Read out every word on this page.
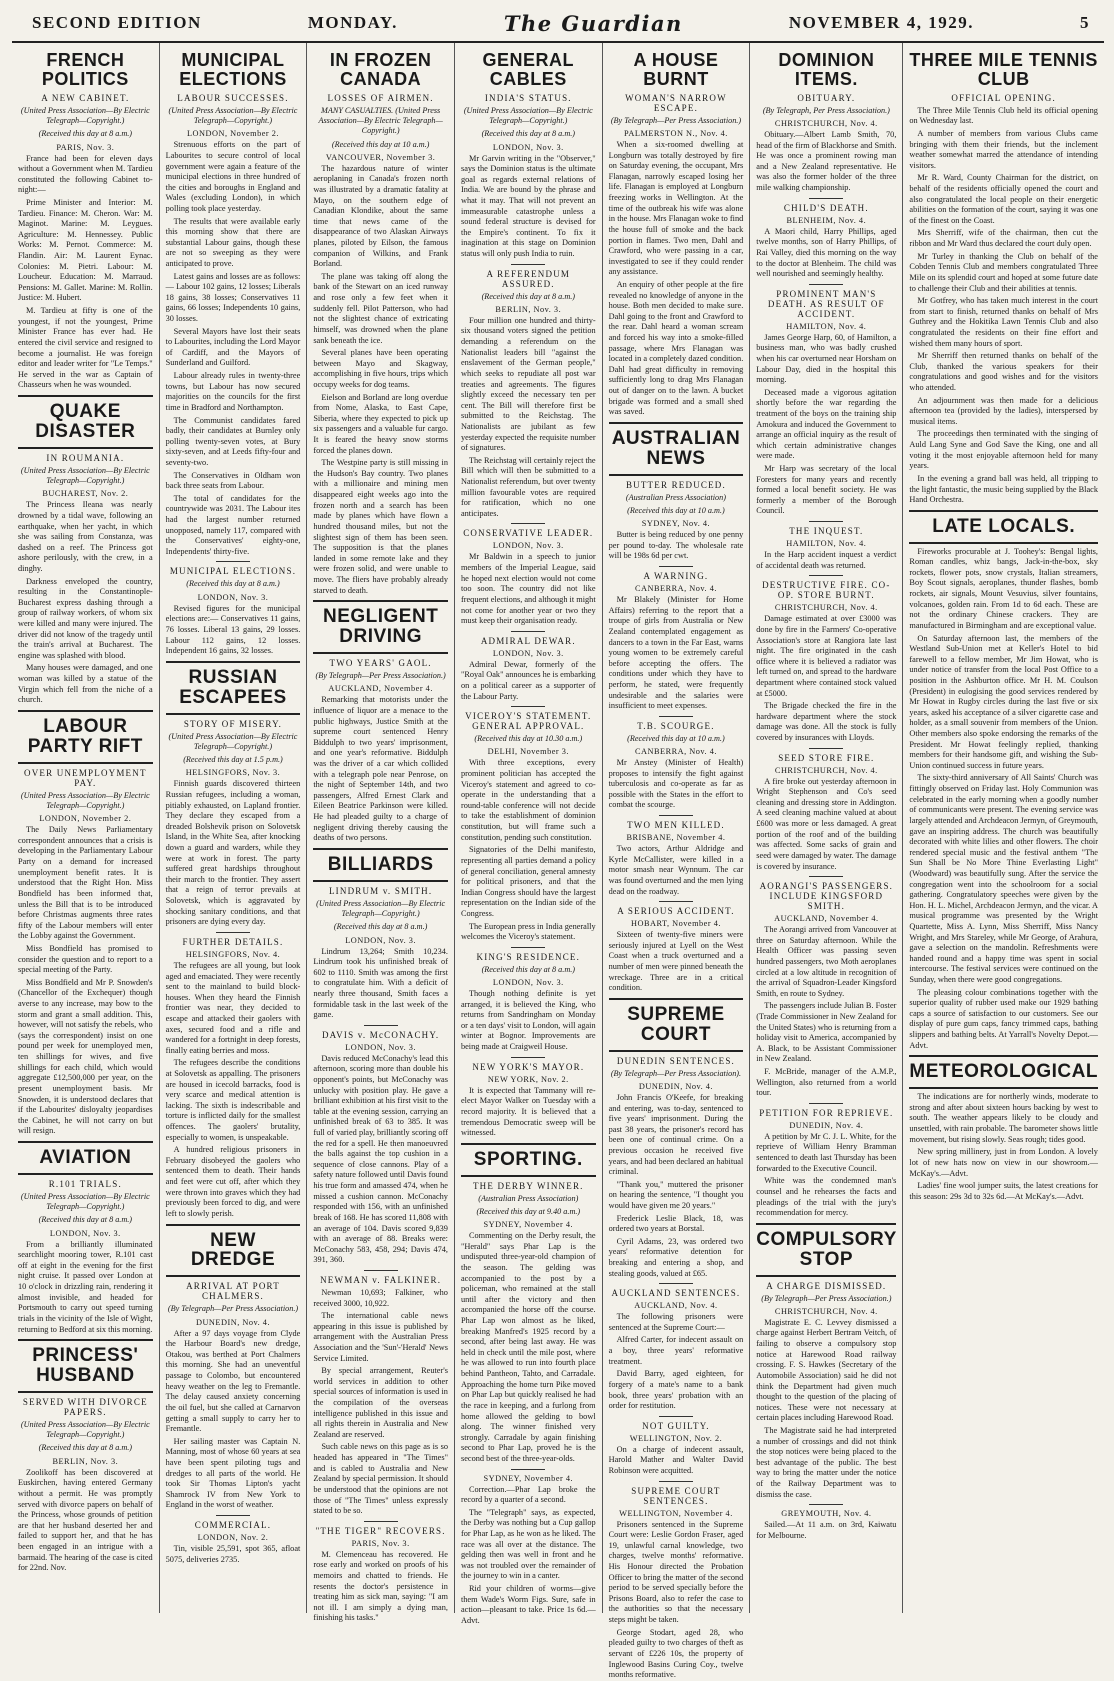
SECOND EDITION	MONDAY.	The Guardian	NOVEMBER 4, 1929.	5
FRENCH POLITICS
A NEW CABINET.
(United Press Association—By Electric Telegraph—Copyright.)
(Received this day at 8 a.m.)
PARIS, Nov. 3.

France had been for eleven days without a Government when M. Tardieu constituted the following Cabinet to-night:—

Prime Minister and Interior: M. Tardieu. Finance: M. Cheron. War: M. Maginot. Marine: M. Leygues. Agriculture: M. Hennessey. Public Works: M. Pernot. Commerce: M. Flandin. Air: M. Laurent Eynac. Colonies: M. Pietri. Labour: M. Loucheur. Education: M. Marraud. Pensions: M. Gallet. Marine: M. Rollin. Justice: M. Hubert.

M. Tardieu at fifty is one of the youngest, if not the youngest, Prime Minister France has ever had. He entered the civil service and resigned to become a journalist. He was foreign editor and leader writer for "Le Temps." He served in the war as Captain of Chasseurs when he was wounded.

QUAKE DISASTER
IN ROUMANIA.
(United Press Association—By Electric Telegraph—Copyright.)
BUCHAREST, Nov. 2.

The Princess Ileana was nearly drowned by a tidal wave, following an earthquake, when her yacht, in which she was sailing from Constanza, was dashed on a reef. The Princess got ashore perilously, with the crew, in a dinghy.

Darkness enveloped the country, resulting in the Constantinople-Bucharest express dashing through a group of railway workers, of whom six were killed and many were injured. The driver did not know of the tragedy until the train's arrival at Bucharest. The engine was splashed with blood.

Many houses were damaged, and one woman was killed by a statue of the Virgin which fell from the niche of a church.

LABOUR PARTY RIFT
OVER UNEMPLOYMENT PAY.
(United Press Association—By Electric Telegraph—Copyright.)
LONDON, November 2.

The Daily News Parliamentary correspondent announces that a crisis is developing in the Parliamentary Labour Party on a demand for increased unemployment benefit rates. It is understood that the Right Hon. Miss Bondfield has been informed that, unless the Bill that is to be introduced before Christmas augments three rates fifty of the Labour members will enter the Lobby against the Government.

Miss Bondfield has promised to consider the question and to report to a special meeting of the Party.

Miss Bondfield and Mr P. Snowden's (Chancellor of the Exchequer) though averse to any increase, may bow to the storm and grant a small addition. This, however, will not satisfy the rebels, who (says the correspondent) insist on one pound per week for unemployed men, ten shillings for wives, and five shillings for each child, which would aggregate £12,500,000 per year, on the present unemployment basis. Mr Snowden, it is understood declares that if the Labourites' disloyalty jeopardises the Cabinet, he will not carry on but will resign.

AVIATION
R.101 TRIALS.
(United Press Association—By Electric Telegraph—Copyright.)
(Received this day at 8 a.m.)
LONDON, Nov. 3.

From a brilliantly illuminated searchlight mooring tower, R.101 cast off at eight in the evening for the first night cruise. It passed over London at 10 o'clock in drizzling rain, rendering it almost invisible, and headed for Portsmouth to carry out speed turning trials in the vicinity of the Isle of Wight, returning to Bedford at six this morning.

PRINCESS' HUSBAND
SERVED WITH DIVORCE PAPERS.
(United Press Association—By Electric Telegraph—Copyright.)
(Received this day at 8 a.m.)
BERLIN, Nov. 3.

Zoolikoff has been discovered at Euskirchen, having entered Germany without a permit. He was promptly served with divorce papers on behalf of the Princess, whose grounds of petition are that her husband deserted her and failed to support her, and that he has been engaged in an intrigue with a barmaid. The hearing of the case is cited for 22nd. Nov.

MUNICIPAL ELECTIONS
LABOUR SUCCESSES.
(United Press Association—By Electric Telegraph—Copyright.)
LONDON, November 2.

Strenuous efforts on the part of Labourites to secure control of local government were again a feature of the municipal elections in three hundred of the cities and boroughs in England and Wales (excluding London), in which polling took place yesterday.

The results that were available early this morning show that there are substantial Labour gains, though these are not so sweeping as they were anticipated to prove.

Latest gains and losses are as follows:— Labour 102 gains, 12 losses; Liberals 18 gains, 38 losses; Conservatives 11 gains, 66 losses; Independents 10 gains, 30 losses.

Several Mayors have lost their seats to Labourites, including the Lord Mayor of Cardiff, and the Mayors of Sunderland and Guilford.

Labour already rules in twenty-three towns, but Labour has now secured majorities on the councils for the first time in Bradford and Northampton.

The Communist candidates fared badly, their candidates at Burnley only polling twenty-seven votes, at Bury sixty-seven, and at Leeds fifty-four and seventy-two.

The Conservatives in Oldham won back three seats from Labour.

The total of candidates for the countrywide was 2031. The Labour ites had the largest number returned unopposed, namely 117, compared with the Conservatives' eighty-one, Independents' thirty-five.

MUNICIPAL ELECTIONS.
(Received this day at 8 a.m.)
LONDON, Nov. 3.

Revised figures for the municipal elections are:— Conservatives 11 gains, 76 losses. Liberal 13 gains, 29 losses. Labour 112 gains, 12 losses. Independent 16 gains, 32 losses.

RUSSIAN ESCAPEES
STORY OF MISERY.
(United Press Association—By Electric Telegraph—Copyright.)
(Received this day at 1.5 p.m.)
HELSINGFORS, Nov. 3.

Finnish guards discovered thirteen Russian refugees, including a woman, pitiably exhausted, on Lapland frontier. They declare they escaped from a dreaded Bolshevik prison on Solovetsk Island, in the White Sea, after knocking down a guard and warders, while they were at work in forest. The party suffered great hardships throughout their march to the frontier. They assert that a reign of terror prevails at Solovetsk, which is aggravated by shocking sanitary conditions, and that prisoners are dying every day.

FURTHER DETAILS.
HELSINGFORS, Nov. 4.

The refugees are all young, but look aged and emaciated. They were recently sent to the mainland to build block-houses. When they heard the Finnish frontier was near, they decided to escape and attacked their gaolers with axes, secured food and a rifle and wandered for a fortnight in deep forests, finally eating berries and moss.

The refugees describe the conditions at Solovetsk as appalling. The prisoners are housed in icecold barracks, food is very scarce and medical attention is lacking. The sixth is indescribable and torture is inflicted daily for the smallest offences. The gaolers' brutality, especially to women, is unspeakable.

A hundred religious prisoners in February disobeyed the gaolers who sentenced them to death. Their hands and feet were cut off, after which they were thrown into graves which they had previously been forced to dig, and were left to slowly perish.

NEW DREDGE
ARRIVAL AT PORT CHALMERS.
(By Telegraph—Per Press Association.)
DUNEDIN, Nov. 4.

After a 97 days voyage from Clyde the Harbour Board's new dredge, Otakou, was berthed at Port Chalmers this morning. She had an uneventful passage to Colombo, but encountered heavy weather on the leg to Fremantle. The delay caused anxiety concerning the oil fuel, but she called at Carnarvon getting a small supply to carry her to Fremantle.

Her sailing master was Captain N. Manning, most of whose 60 years at sea have been spent piloting tugs and dredges to all parts of the world. He took Sir Thomas Lipton's yacht Shamrock IV from New York to England in the worst of weather.

COMMERCIAL.
LONDON, Nov. 2.

Tin, visible 25,591, spot 365, afloat 5075, deliveries 2735.

IN FROZEN CANADA
LOSSES OF AIRMEN.
MANY CASUALTIES. (United Press Association—By Electric Telegraph—Copyright.)
(Received this day at 10 a.m.)
VANCOUVER, November 3.

The hazardous nature of winter aeroplaning in Canada's frozen north was illustrated by a dramatic fatality at Mayo, on the southern edge of Canadian Klondike, about the same time that news came of the disappearance of two Alaskan Airways planes, piloted by Eilson, the famous companion of Wilkins, and Frank Borland.

The plane was taking off along the bank of the Stewart on an iced runway and rose only a few feet when it suddenly fell. Pilot Patterson, who had not the slightest chance of extricating himself, was drowned when the plane sank beneath the ice.

Several planes have been operating between Mayo and Skagway, accomplishing in five hours, trips which occupy weeks for dog teams.

Eielson and Borland are long overdue from Nome, Alaska, to East Cape, Siberia, where they expected to pick up six passengers and a valuable fur cargo. It is feared the heavy snow storms forced the planes down.

The Westpine party is still missing in the Hudson's Bay country. Two planes with a millionaire and mining men disappeared eight weeks ago into the frozen north and a search has been made by planes which have flown a hundred thousand miles, but not the slightest sign of them has been seen. The supposition is that the planes landed in some remote lake and they were frozen solid, and were unable to move. The fliers have probably already starved to death.

NEGLIGENT DRIVING
TWO YEARS' GAOL.
(By Telegraph—Per Press Association.)
AUCKLAND, November 4.

Remarking that motorists under the influence of liquor are a menace to the public highways, Justice Smith at the supreme court sentenced Henry Biddulph to two years' imprisonment, and one year's reformative. Biddulph was the driver of a car which collided with a telegraph pole near Penrose, on the night of September 14th, and two passengers, Alfred Ernest Clark and Eileen Beatrice Parkinson were killed. He had pleaded guilty to a charge of negligent driving thereby causing the deaths of two persons.

BILLIARDS
LINDRUM v. SMITH.
(United Press Association—By Electric Telegraph—Copyright.)
(Received this day at 8 a.m.)
LONDON, Nov. 3.

Lindrum 13,264; Smith 10,234. Lindrum took his unfinished break of 602 to 1110. Smith was among the first to congratulate him. With a deficit of nearly three thousand, Smith faces a formidable task in the last week of the game.

DAVIS v. McCONACHY.
LONDON, Nov. 3.

Davis reduced McConachy's lead this afternoon, scoring more than double his opponent's points, but McConachy was unlucky with position play. He gave a brilliant exhibition at his first visit to the table at the evening session, carrying an unfinished break of 63 to 385. It was full of varied play, brilliantly scoring off the red for a spell. He then manoeuvred the balls against the top cushion in a sequence of close cannons. Play of a safety nature followed until Davis found his true form and amassed 474, when he missed a cushion cannon. McConachy responded with 156, with an unfinished break of 168. He has scored 11,808 with an average of 104. Davis scored 9,839 with an average of 88. Breaks were: McConachy 583, 458, 294; Davis 474, 391, 360.

NEWMAN v. FALKINER.

Newman 10,693; Falkiner, who received 3000, 10,922.

The international cable news appearing in this issue is published by arrangement with the Australian Press Association and the 'Sun'-'Herald' News Service Limited.

By special arrangement, Reuter's world services in addition to other special sources of information is used in the compilation of the overseas intelligence published in this issue and all rights therein in Australia and New Zealand are reserved.

Such cable news on this page as is so headed has appeared in "The Times" and is cabled to Australia and New Zealand by special permission. It should be understood that the opinions are not those of "The Times" unless expressly stated to be so.

"THE TIGER" RECOVERS.
PARIS, Nov. 3.

M. Clemenceau has recovered. He rose early and worked on proofs of his memoirs and chatted to friends. He resents the doctor's persistence in treating him as sick man, saying: "I am not ill. I am simply a dying man, finishing his tasks."

GENERAL CABLES
INDIA'S STATUS.
(United Press Association—By Electric Telegraph—Copyright.)
(Received this day at 8 a.m.)
LONDON, Nov. 3.

Mr Garvin writing in the "Observer," says the Dominion status is the ultimate goal as regards external relations of India. We are bound by the phrase and what it may. That will not prevent an immeasurable catastrophe unless a sound federal structure is devised for the Empire's continent. To fix it inagination at this stage on Dominion status will only push India to ruin.

A REFERENDUM ASSURED.
(Received this day at 8 a.m.)
BERLIN, Nov. 3.

Four million one hundred and thirty-six thousand voters signed the petition demanding a referendum on the Nationalist leaders bill "against the enslavement of the German people," which seeks to repudiate all post war treaties and agreements. The figures slightly exceed the necessary ten per cent. The Bill will therefore first be submitted to the Reichstag. The Nationalists are jubilant as few yesterday expected the requisite number of signatures.

The Reichstag will certainly reject the Bill which will then be submitted to a Nationalist referendum, but over twenty million favourable votes are required for ratification, which no one anticipates.

CONSERVATIVE LEADER.
LONDON, Nov. 3.

Mr Baldwin in a speech to junior members of the Imperial League, said he hoped next election would not come too soon. The country did not like frequent elections, and although it might not come for another year or two they must keep their organisation ready.

ADMIRAL DEWAR.
LONDON, Nov. 3.

Admiral Dewar, formerly of the "Royal Oak" announces he is embarking on a political career as a supporter of the Labour Party.

VICEROY'S STATEMENT. GENERAL APPROVAL.
(Received this day at 10.30 a.m.)
DELHI, November 3.

With three exceptions, every prominent politician has accepted the Viceroy's statement and agreed to co-operate in the understanding that a round-table conference will not decide to take the establishment of dominion constitution, but will frame such a constitution, pending such constitution.

Signatories of the Delhi manifesto, representing all parties demand a policy of general conciliation, general amnesty for political prisoners, and that the Indian Congress should have the largest representation on the Indian side of the Congress.

The European press in India generally welcomes the Viceroy's statement.

KING'S RESIDENCE.
(Received this day at 8 a.m.)
LONDON, Nov. 3.

Though nothing definite is yet arranged, it is believed the King, who returns from Sandringham on Monday or a ten days' visit to London, will again winter at Bognor. Improvements are being made at Craigweil House.

NEW YORK'S MAYOR.
NEW YORK, Nov. 2.

It is expected that Tammany will re-elect Mayor Walker on Tuesday with a record majority. It is believed that a tremendous Democratic sweep will be witnessed.

SPORTING.
THE DERBY WINNER.
(Australian Press Association)
(Received this day at 9.40 a.m.)
SYDNEY, November 4.

Commenting on the Derby result, the "Herald" says Phar Lap is the undisputed three-year-old champion of the season. The gelding was accompanied to the post by a policeman, who remained at the stall until after the victory and then accompanied the horse off the course. Phar Lap won almost as he liked, breaking Manfred's 1925 record by a second, after being last away. He was held in check until the mile post, where he was allowed to run into fourth place behind Pantheon, Tahto, and Carradale. Approaching the home turn Pike moved on Phar Lap but quickly realised he had the race in keeping, and a furlong from home allowed the gelding to bowl along. The winner finished very strongly. Carradale by again finishing second to Phar Lap, proved he is the second best of the three-year-olds.

SYDNEY, November 4.

Correction.—Phar Lap broke the record by a quarter of a second.

The "Telegraph" says, as expected, the Derby was nothing but a Cup gallop for Phar Lap, as he won as he liked. The race was all over at the distance. The gelding then was well in front and he was not troubled over the remainder of the journey to win in a canter.

Rid your children of worms—give them Wade's Worm Figs. Sure, safe in action—pleasant to take. Price 1s 6d.—Advt.

A HOUSE BURNT
WOMAN'S NARROW ESCAPE.
(By Telegraph—Per Press Association.)
PALMERSTON N., Nov. 4.

When a six-roomed dwelling at Longburn was totally destroyed by fire on Saturday evening, the occupant, Mrs Flanagan, narrowly escaped losing her life. Flanagan is employed at Longburn freezing works in Wellington. At the time of the outbreak his wife was alone in the house. Mrs Flanagan woke to find the house full of smoke and the back portion in flames. Two men, Dahl and Crawford, who were passing in a car, investigated to see if they could render any assistance.

An enquiry of other people at the fire revealed no knowledge of anyone in the house. Both men decided to make sure. Dahl going to the front and Crawford to the rear. Dahl heard a woman scream and forced his way into a smoke-filled passage, where Mrs Flanagan was located in a completely dazed condition. Dahl had great difficulty in removing sufficiently long to drag Mrs Flanagan out of danger on to the lawn. A bucket brigade was formed and a small shed was saved.

AUSTRALIAN NEWS
BUTTER REDUCED.
(Australian Press Association)
(Received this day at 10 a.m.)
SYDNEY, Nov. 4.

Butter is being reduced by one penny per pound to-day. The wholesale rate will be 198s 6d per cwt.

A WARNING.
CANBERRA, Nov. 4.

Mr Blakely (Minister for Home Affairs) referring to the report that a troupe of girls from Australia or New Zealand contemplated engagement as dancers to a town in the Far East, warns young women to be extremely careful before accepting the offers. The conditions under which they have to perform, he stated, were frequently undesirable and the salaries were insufficient to meet expenses.

T.B. SCOURGE.
(Received this day at 10 a.m.)
CANBERRA, Nov. 4.

Mr Anstey (Minister of Health) proposes to intensify the fight against tuberculosis and co-operate as far as possible with the States in the effort to combat the scourge.

TWO MEN KILLED.
BRISBANE, November 4.

Two actors, Arthur Aldridge and Kyrle McCallister, were killed in a motor smash near Wynnum. The car was found overturned and the men lying dead on the roadway.

A SERIOUS ACCIDENT.
HOBART, November 4.

Sixteen of twenty-five miners were seriously injured at Lyell on the West Coast when a truck overturned and a number of men were pinned beneath the wreckage. Three are in a critical condition.

SUPREME COURT
DUNEDIN SENTENCES.
(By Telegraph—Per Press Association).
DUNEDIN, Nov. 4.

John Francis O'Keefe, for breaking and entering, was to-day, sentenced to five years' imprisonment. During the past 38 years, the prisoner's record has been one of continual crime. On a previous occasion he received five years, and had been declared an habitual criminal.

"Thank you," muttered the prisoner on hearing the sentence, "I thought you would have given me 20 years."

Frederick Leslie Black, 18, was ordered two years at Borstal.

Cyril Adams, 23, was ordered two years' reformative detention for breaking and entering a shop, and stealing goods, valued at £65.

AUCKLAND SENTENCES.
AUCKLAND, Nov. 4.

The following prisoners were sentenced at the Supreme Court:—

Alfred Carter, for indecent assault on a boy, three years' reformative treatment.

David Barry, aged eighteen, for forgery of a mate's name to a bank book, three years' probation with an order for restitution.

NOT GUILTY.
WELLINGTON, Nov. 2.

On a charge of indecent assault, Harold Mather and Walter David Robinson were acquitted.

SUPREME COURT SENTENCES.
WELLINGTON, November 4.

Prisoners sentenced in the Supreme Court were: Leslie Gordon Fraser, aged 19, unlawful carnal knowledge, two charges, twelve months' reformative. His Honour directed the Probation Officer to bring the matter of the second period to be served specially before the Prisons Board, also to refer the case to the authorities so that the necessary steps might be taken.

George Stodart, aged 28, who pleaded guilty to two charges of theft as servant of £226 10s, the property of Inglewood Basins Curing Coy., twelve months reformative.

DOMINION ITEMS.
OBITUARY.
(By Telegraph, Per Press Association.)
CHRISTCHURCH, Nov. 4.

Obituary.—Albert Lamb Smith, 70, head of the firm of Blackhorse and Smith. He was once a prominent rowing man and a New Zealand representative. He was also the former holder of the three mile walking championship.

CHILD'S DEATH.
BLENHEIM, Nov. 4.

A Maori child, Harry Phillips, aged twelve months, son of Harry Phillips, of Rai Valley, died this morning on the way to the doctor at Blenheim. The child was well nourished and seemingly healthy.

PROMINENT MAN'S DEATH. AS RESULT OF ACCIDENT.
HAMILTON, Nov. 4.

James George Harp, 60, of Hamilton, a business man, who was badly crushed when his car overturned near Horsham on Labour Day, died in the hospital this morning.

Deceased made a vigorous agitation shortly before the war regarding the treatment of the boys on the training ship Amokura and induced the Government to arrange an official inquiry as the result of which certain administrative changes were made.

Mr Harp was secretary of the local Foresters for many years and recently formed a local benefit society. He was formerly a member of the Borough Council.

THE INQUEST.
HAMILTON, Nov. 4.

In the Harp accident inquest a verdict of accidental death was returned.

DESTRUCTIVE FIRE. CO-OP. STORE BURNT.
CHRISTCHURCH, Nov. 4.

Damage estimated at over £3000 was done by fire in the Farmers' Co-operative Association's store at Rangiora late last night. The fire originated in the cash office where it is believed a radiator was left turned on, and spread to the hardware department where contained stock valued at £5000.

The Brigade checked the fire in the hardware department where the stock damage was done. All the stock is fully covered by insurances with Lloyds.

SEED STORE FIRE.
CHRISTCHURCH, Nov. 4.

A fire broke out yesterday afternoon in Wright Stephenson and Co's seed cleaning and dressing store in Addington. A seed cleaning machine valued at about £600 was more or less damaged. A great portion of the roof and of the building was affected. Some sacks of grain and seed were damaged by water. The damage is covered by insurance.

AORANGI'S PASSENGERS. INCLUDE KINGSFORD SMITH.
AUCKLAND, November 4.

The Aorangi arrived from Vancouver at three on Saturday afternoon. While the Health Officer was passing seven hundred passengers, two Moth aeroplanes circled at a low altitude in recognition of the arrival of Squadron-Leader Kingsford Smith, en route to Sydney.

The passengers include Julian B. Foster (Trade Commissioner in New Zealand for the United States) who is returning from a holiday visit to America, accompanied by A. Black, to be Assistant Commissioner in New Zealand.

F. McBride, manager of the A.M.P., Wellington, also returned from a world tour.

PETITION FOR REPRIEVE.
DUNEDIN, Nov. 4.

A petition by Mr C. J. L. White, for the reprieve of William Henry Bramman sentenced to death last Thursday has been forwarded to the Executive Council.

White was the condemned man's counsel and he rehearses the facts and pleadings of the trial with the jury's recommendation for mercy.

COMPULSORY STOP
A CHARGE DISMISSED.
(By Telegraph—Per Press Association.)
CHRISTCHURCH, Nov. 4.

Magistrate E. C. Levvey dismissed a charge against Herbert Bertram Veitch, of failing to observe a compulsory stop notice at Harewood Road railway crossing. F. S. Hawkes (Secretary of the Automobile Association) said he did not think the Department had given much thought to the question of the placing of notices. These were not necessary at certain places including Harewood Road.

The Magistrate said he had interpreted a number of crossings and did not think the stop notices were being placed to the best advantage of the public. The best way to bring the matter under the notice of the Railway Department was to dismiss the case.

GREYMOUTH, Nov. 4.

Sailed.—At 11 a.m. on 3rd, Kaiwatu for Melbourne.

THREE MILE TENNIS CLUB
OFFICIAL OPENING.

The Three Mile Tennis Club held its official opening on Wednesday last.

A number of members from various Clubs came bringing with them their friends, but the inclement weather somewhat marred the attendance of intending visitors.

Mr R. Ward, County Chairman for the district, on behalf of the residents officially opened the court and also congratulated the local people on their energetic abilities on the formation of the court, saying it was one of the finest on the Coast.

Mrs Sherriff, wife of the chairman, then cut the ribbon and Mr Ward thus declared the court duly open.

Mr Turley in thanking the Club on behalf of the Cobden Tennis Club and members congratulated Three Mile on its splendid court and hoped at some future date to challenge their Club and their abilities at tennis.

Mr Gotfrey, who has taken much interest in the court from start to finish, returned thanks on behalf of Mrs Guthrey and the Hokitika Lawn Tennis Club and also congratulated the residents on their fine effort and wished them many hours of sport.

Mr Sherriff then returned thanks on behalf of the Club, thanked the various speakers for their congratulations and good wishes and for the visitors who attended.

An adjournment was then made for a delicious afternoon tea (provided by the ladies), interspersed by musical items.

The proceedings then terminated with the singing of Auld Lang Syne and God Save the King, one and all voting it the most enjoyable afternoon held for many years.

In the evening a grand ball was held, all tripping to the light fantastic, the music being supplied by the Black Hand Orchestra.

LATE LOCALS.

Fireworks procurable at J. Toohey's: Bengal lights, Roman candles, whiz bangs, Jack-in-the-box, sky rockets, flower pots, snow crystals, Italian streamers, Boy Scout signals, aeroplanes, thunder flashes, bomb rockets, air signals, Mount Vesuvius, silver fountains, volcanoes, golden rain. From 1d to 6d each. These are not the ordinary Chinese crackers. They are manufactured in Birmingham and are exceptional value.

On Saturday afternoon last, the members of the Westland Sub-Union met at Keller's Hotel to bid farewell to a fellow member, Mr Jim Howat, who is under notice of transfer from the local Post Office to a position in the Ashburton office. Mr H. M. Coulson (President) in eulogising the good services rendered by Mr Howat in Rugby circles during the last five or six years, asked his acceptance of a silver cigarette case and holder, as a small souvenir from members of the Union. Other members also spoke endorsing the remarks of the President. Mr Howat feelingly replied, thanking members for their handsome gift, and wishing the Sub-Union continued success in future years.

The sixty-third anniversary of All Saints' Church was fittingly observed on Friday last. Holy Communion was celebrated in the early morning when a goodly number of communicants were present. The evening service was largely attended and Archdeacon Jermyn, of Greymouth, gave an inspiring address. The church was beautifully decorated with white lilies and other flowers. The choir rendered special music and the festival anthem "The Sun Shall be No More Thine Everlasting Light" (Woodward) was beautifully sung. After the service the congregation went into the schoolroom for a social gathering. Congratulatory speeches were given by the Hon. H. L. Michel, Archdeacon Jermyn, and the vicar. A musical programme was presented by the Wright Quartette, Miss A. Lynn, Miss Sherriff, Miss Nancy Wright, and Mrs Stareley, while Mr George, of Arahura, gave a selection on the mandolin. Refreshments were handed round and a happy time was spent in social intercourse. The festival services were continued on the Sunday, when there were good congregations.

The pleasing colour combinations together with the superior quality of rubber used make our 1929 bathing caps a source of satisfaction to our customers. See our display of pure gum caps, fancy trimmed caps, bathing slippers and bathing belts. At Yarrall's Novelty Depot.—Advt.

METEOROLOGICAL

The indications are for northerly winds, moderate to strong and after about sixteen hours backing by west to south. The weather appears likely to be cloudy and unsettled, with rain probable. The barometer shows little movement, but rising slowly. Seas rough; tides good.

New spring millinery, just in from London. A lovely lot of new hats now on view in our showroom.—McKay's.—Advt.

Ladies' fine wool jumper suits, the latest creations for this season: 29s 3d to 32s 6d.—At McKay's.—Advt.
